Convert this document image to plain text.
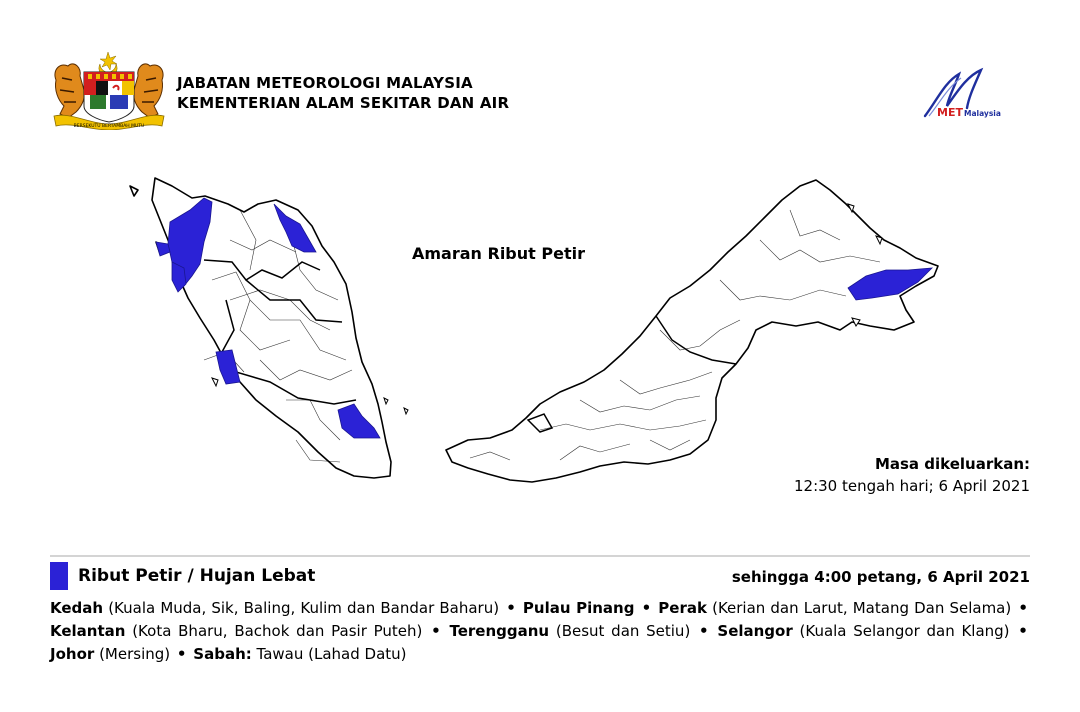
BERSEKUTU BERTAMBAH MUTU
JABATAN METEOROLOGI MALAYSIA
KEMENTERIAN ALAM SEKITAR DAN AIR
MET Malaysia
Amaran Ribut Petir
Masa dikeluarkan:
12:30 tengah hari; 6 April 2021
Ribut Petir / Hujan Lebat	sehingga 4:00 petang, 6 April 2021
Kedah (Kuala Muda, Sik, Baling, Kulim dan Bandar Baharu) • Pulau Pinang • Perak (Kerian dan Larut, Matang Dan Selama) • Kelantan (Kota Bharu, Bachok dan Pasir Puteh) • Terengganu (Besut dan Setiu) • Selangor (Kuala Selangor dan Klang) • Johor (Mersing) • Sabah: Tawau (Lahad Datu)
